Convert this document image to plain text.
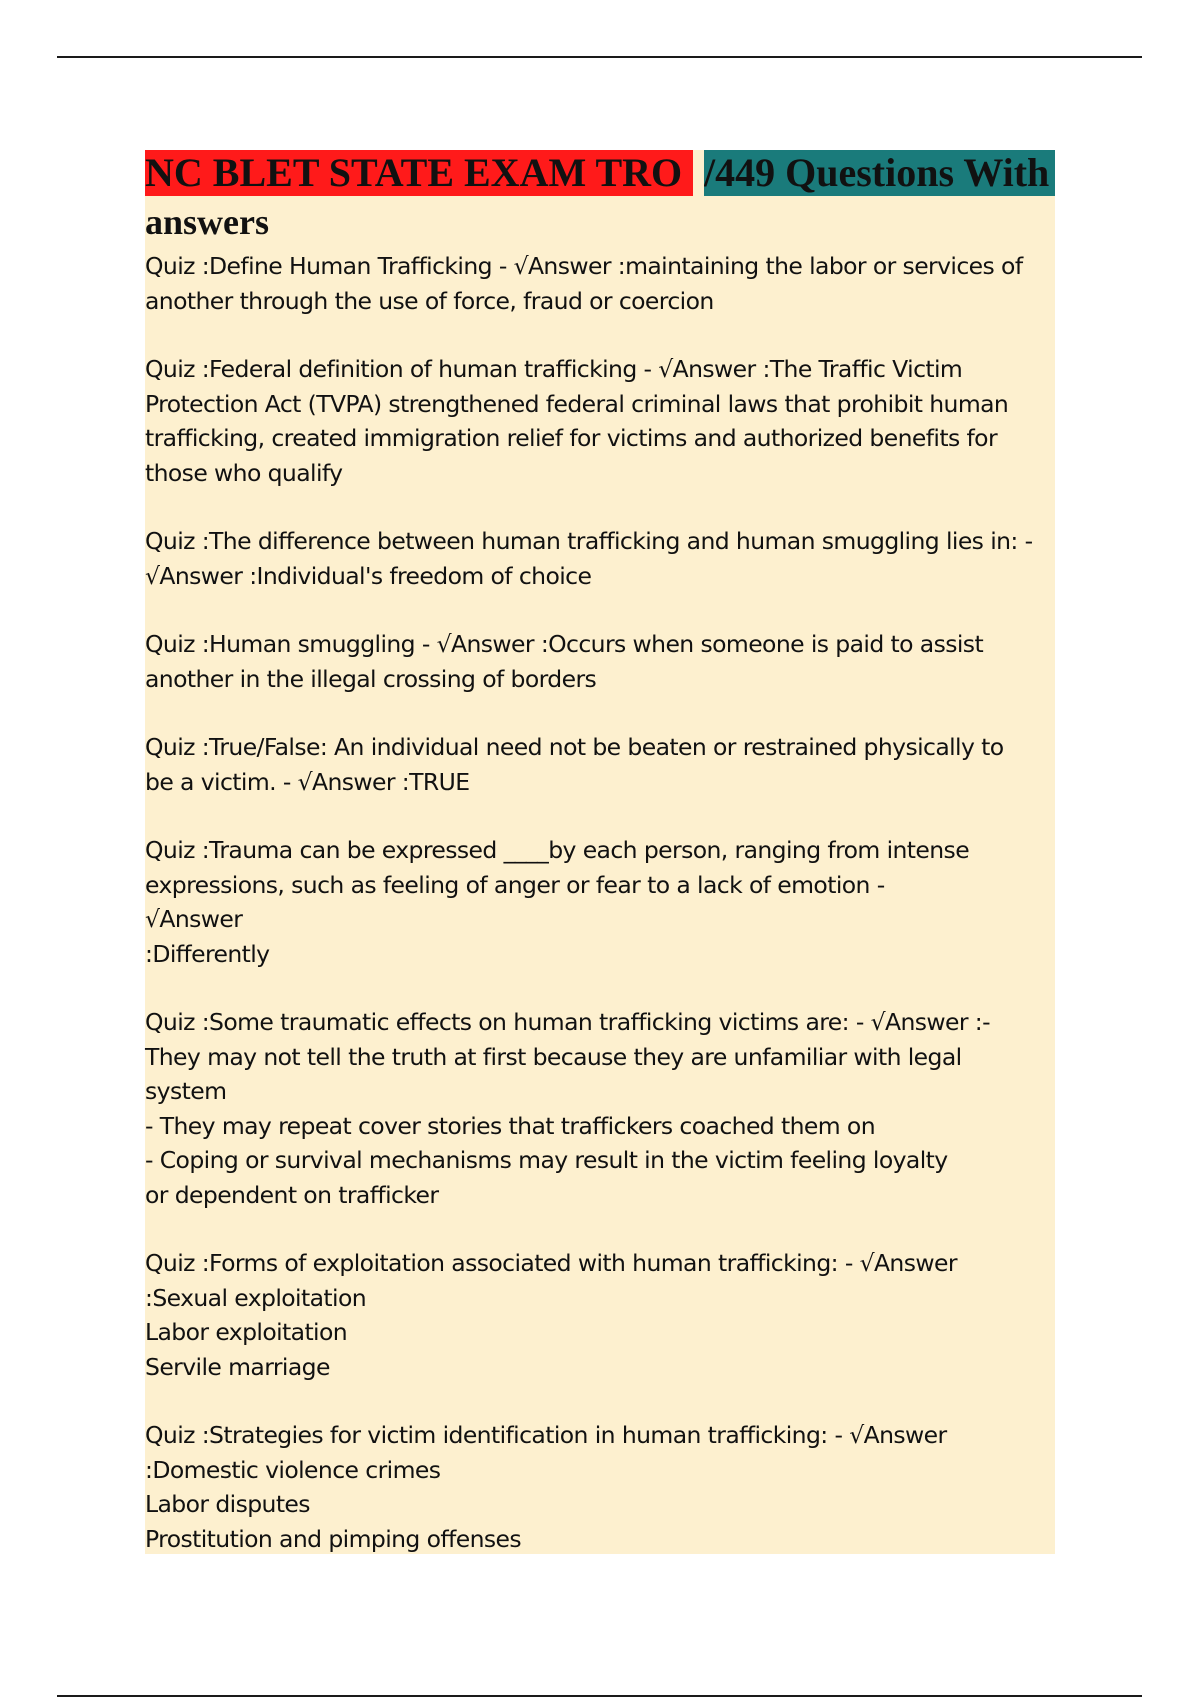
NC BLET STATE EXAM TRO /449 Questions With
answers
Quiz :Define Human Trafficking - √Answer :maintaining the labor or services of
another through the use of force, fraud or coercion
Quiz :Federal definition of human trafficking - √Answer :The Traffic Victim
Protection Act (TVPA) strengthened federal criminal laws that prohibit human
trafficking, created immigration relief for victims and authorized benefits for
those who qualify
Quiz :The difference between human trafficking and human smuggling lies in: -
√Answer :Individual's freedom of choice
Quiz :Human smuggling - √Answer :Occurs when someone is paid to assist
another in the illegal crossing of borders
Quiz :True/False: An individual need not be beaten or restrained physically to
be a victim. - √Answer :TRUE
Quiz :Trauma can be expressed ____by each person, ranging from intense
expressions, such as feeling of anger or fear to a lack of emotion -
√Answer
:Differently
Quiz :Some traumatic effects on human trafficking victims are: - √Answer :-
They may not tell the truth at first because they are unfamiliar with legal
system
- They may repeat cover stories that traffickers coached them on
- Coping or survival mechanisms may result in the victim feeling loyalty
or dependent on trafficker
Quiz :Forms of exploitation associated with human trafficking: - √Answer
:Sexual exploitation
Labor exploitation
Servile marriage
Quiz :Strategies for victim identification in human trafficking: - √Answer
:Domestic violence crimes
Labor disputes
Prostitution and pimping offenses
